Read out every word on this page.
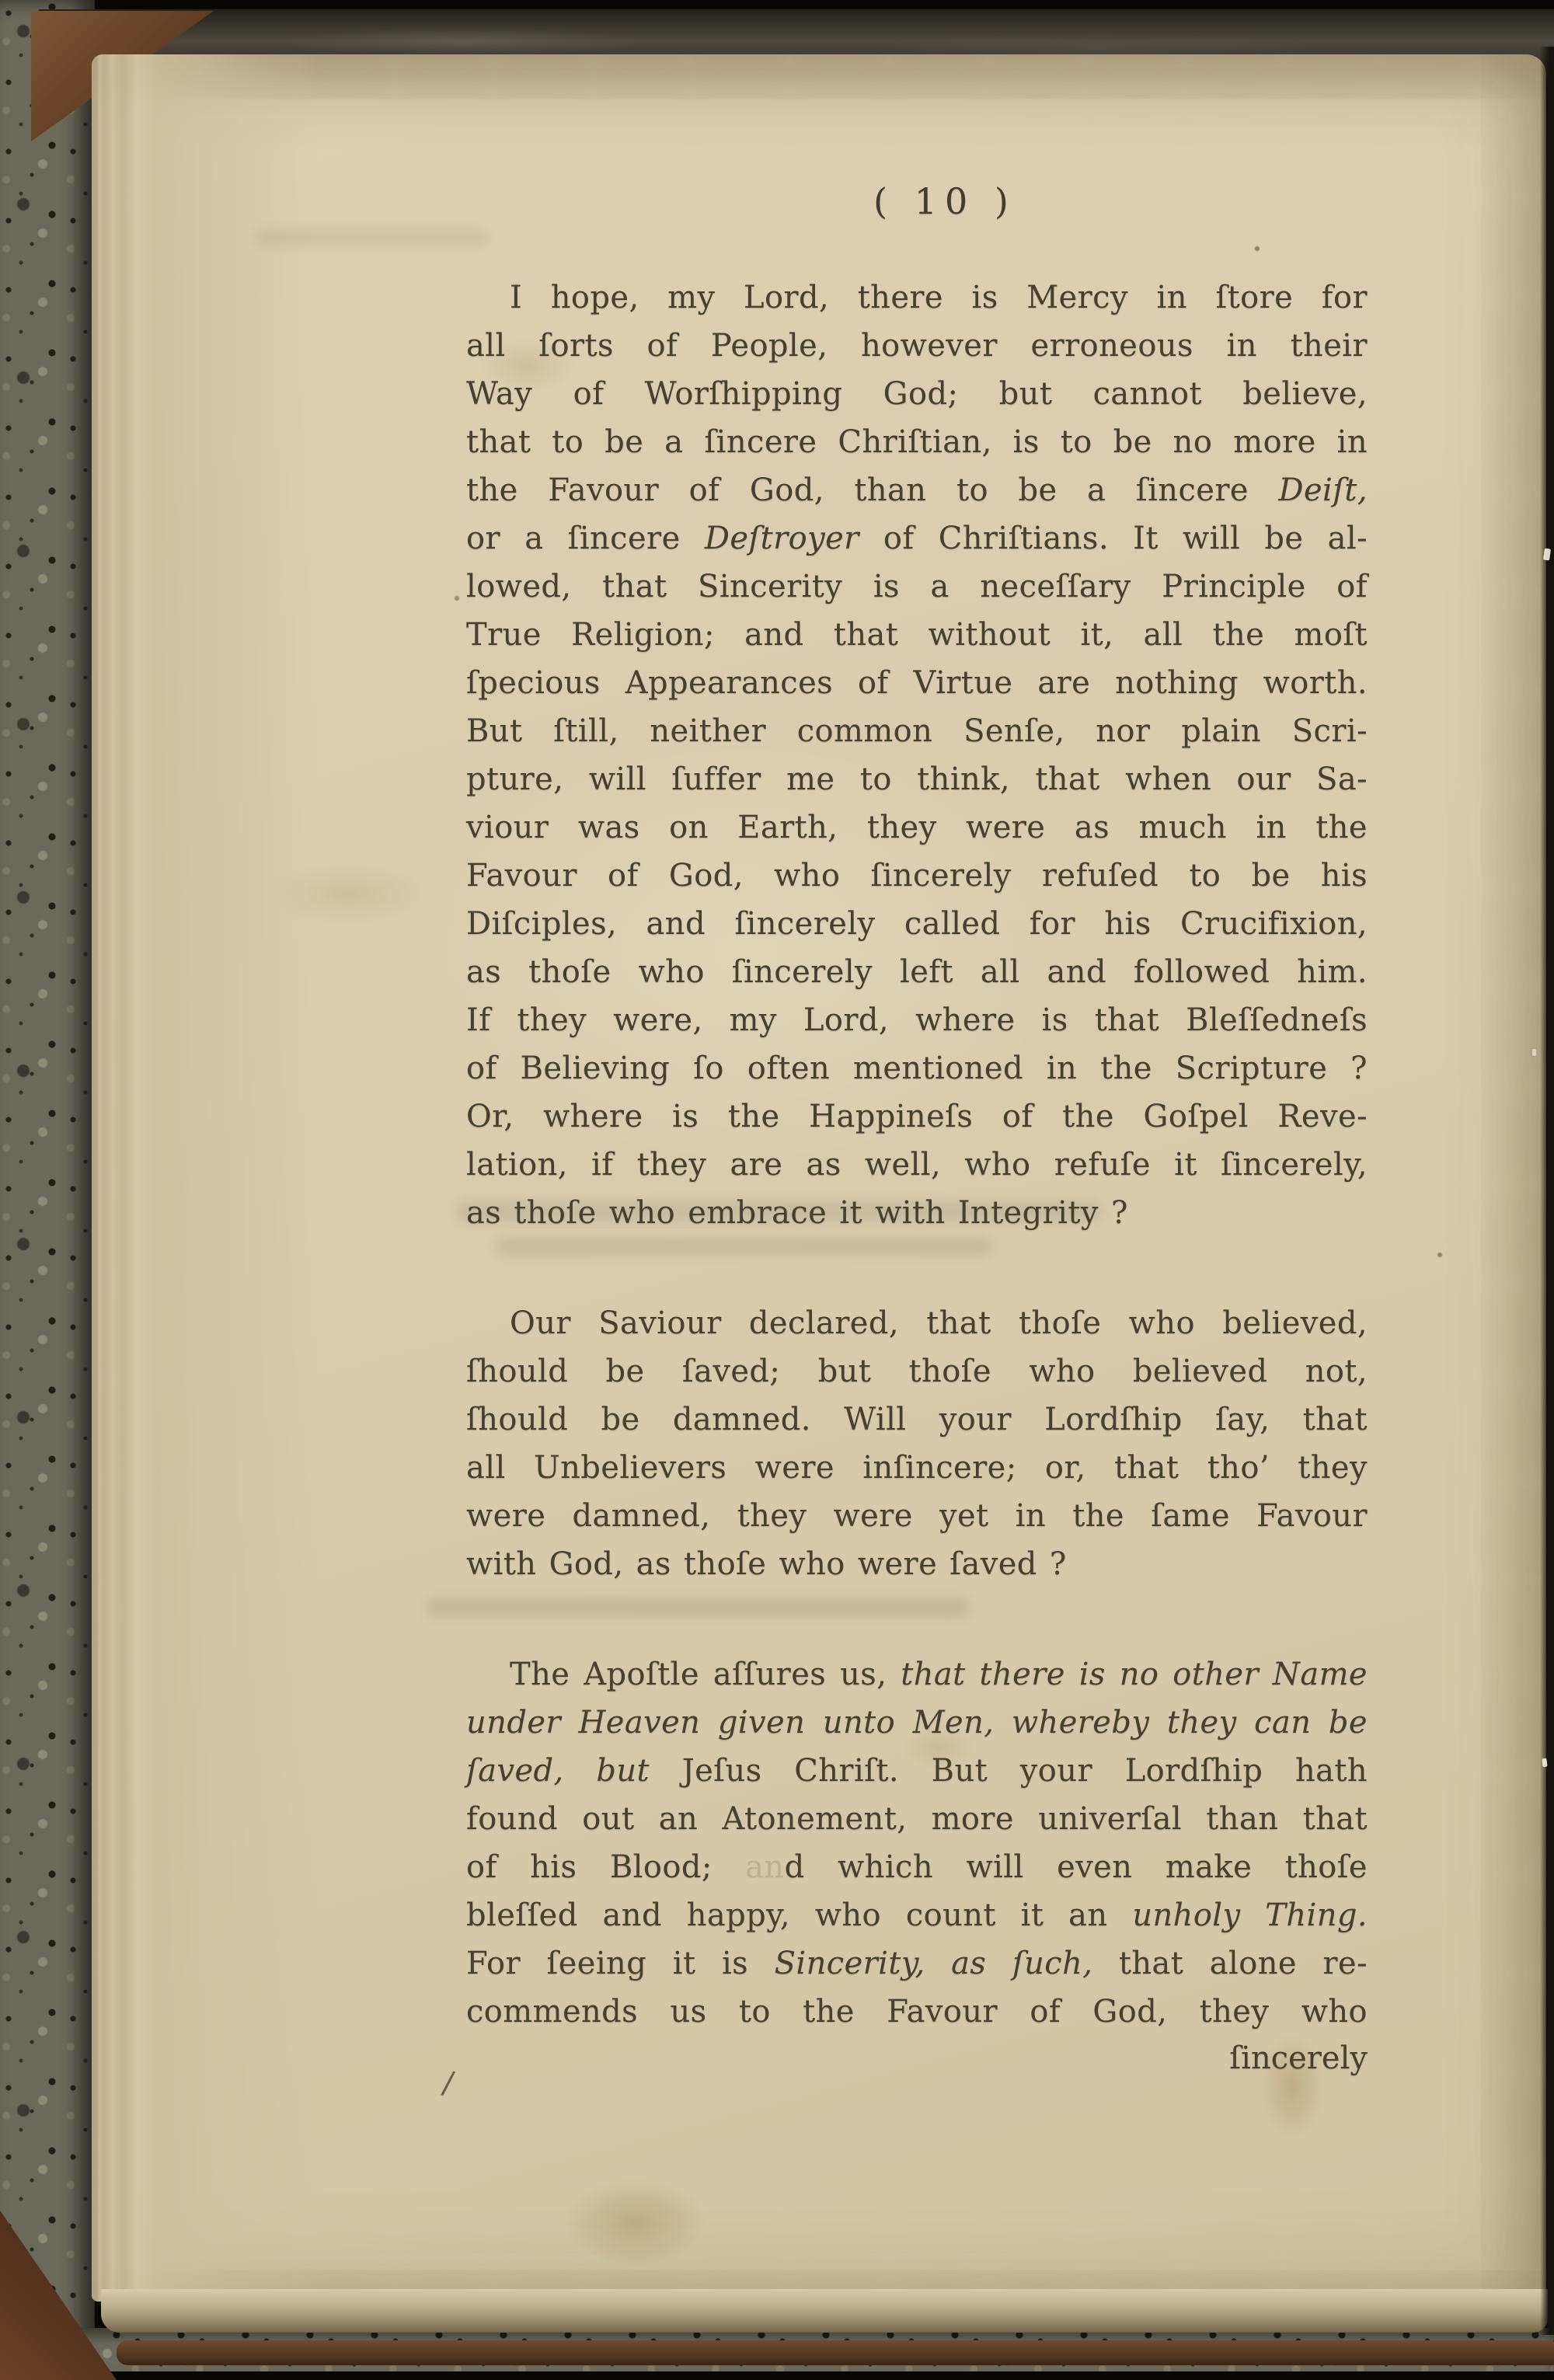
( 10 )
I hope, my Lord, there is Mercy in ſtore for
all ſorts of People, however erroneous in their
Way of Worſhipping God; but cannot believe,
that to be a ſincere Chriſtian, is to be no more in
the Favour of God, than to be a ſincere Deiſt,
or a ſincere Deſtroyer of Chriſtians. It will be al-
lowed, that Sincerity is a neceſſary Principle of
True Religion; and that without it, all the moſt
ſpecious Appearances of Virtue are nothing worth.
But ſtill, neither common Senſe, nor plain Scri-
pture, will ſuffer me to think, that when our Sa-
viour was on Earth, they were as much in the
Favour of God, who ſincerely refuſed to be his
Diſciples, and ſincerely called for his Crucifixion,
as thoſe who ſincerely left all and followed him.
If they were, my Lord, where is that Bleſſedneſs
of Believing ſo often mentioned in the Scripture ?
Or, where is the Happineſs of the Goſpel Reve-
lation, if they are as well, who refuſe it ſincerely,
as thoſe who embrace it with Integrity ?
Our Saviour declared, that thoſe who believed,
ſhould be ſaved; but thoſe who believed not,
ſhould be damned. Will your Lordſhip ſay, that
all Unbelievers were inſincere; or, that tho’ they
were damned, they were yet in the ſame Favour
with God, as thoſe who were ſaved ?
The Apoſtle aſſures us, that there is no other Name
under Heaven given unto Men, whereby they can be
ſaved, but Jeſus Chriſt. But your Lordſhip hath
found out an Atonement, more univerſal than that
of his Blood; and which will even make thoſe
bleſſed and happy, who count it an unholy Thing.
For ſeeing it is Sincerity, as ſuch, that alone re-
commends us to the Favour of God, they who
ſincerely
/
